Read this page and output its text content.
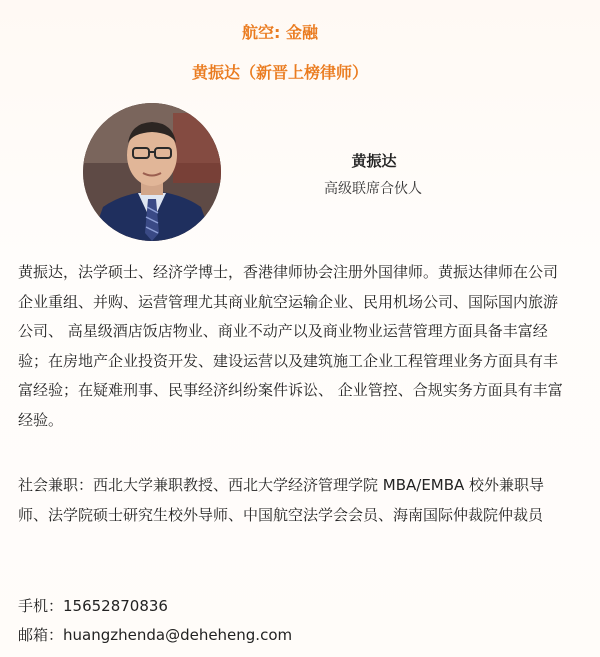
航空: 金融
黄振达（新晋上榜律师）
黄振达
高级联席合伙人
黄振达，法学硕士、经济学博士，香港律师协会注册外国律师。黄振达律师在公司企业重组、并购、运营管理尤其商业航空运输企业、民用机场公司、国际国内旅游公司、 高星级酒店饭店物业、商业不动产以及商业物业运营管理方面具备丰富经验；在房地产企业投资开发、建设运营以及建筑施工企业工程管理业务方面具有丰富经验；在疑难刑事、民事经济纠纷案件诉讼、 企业管控、合规实务方面具有丰富经验。
社会兼职：西北大学兼职教授、西北大学经济管理学院 MBA/EMBA 校外兼职导师、法学院硕士研究生校外导师、中国航空法学会会员、海南国际仲裁院仲裁员
手机：15652870836
邮箱：huangzhenda@deheheng.com
